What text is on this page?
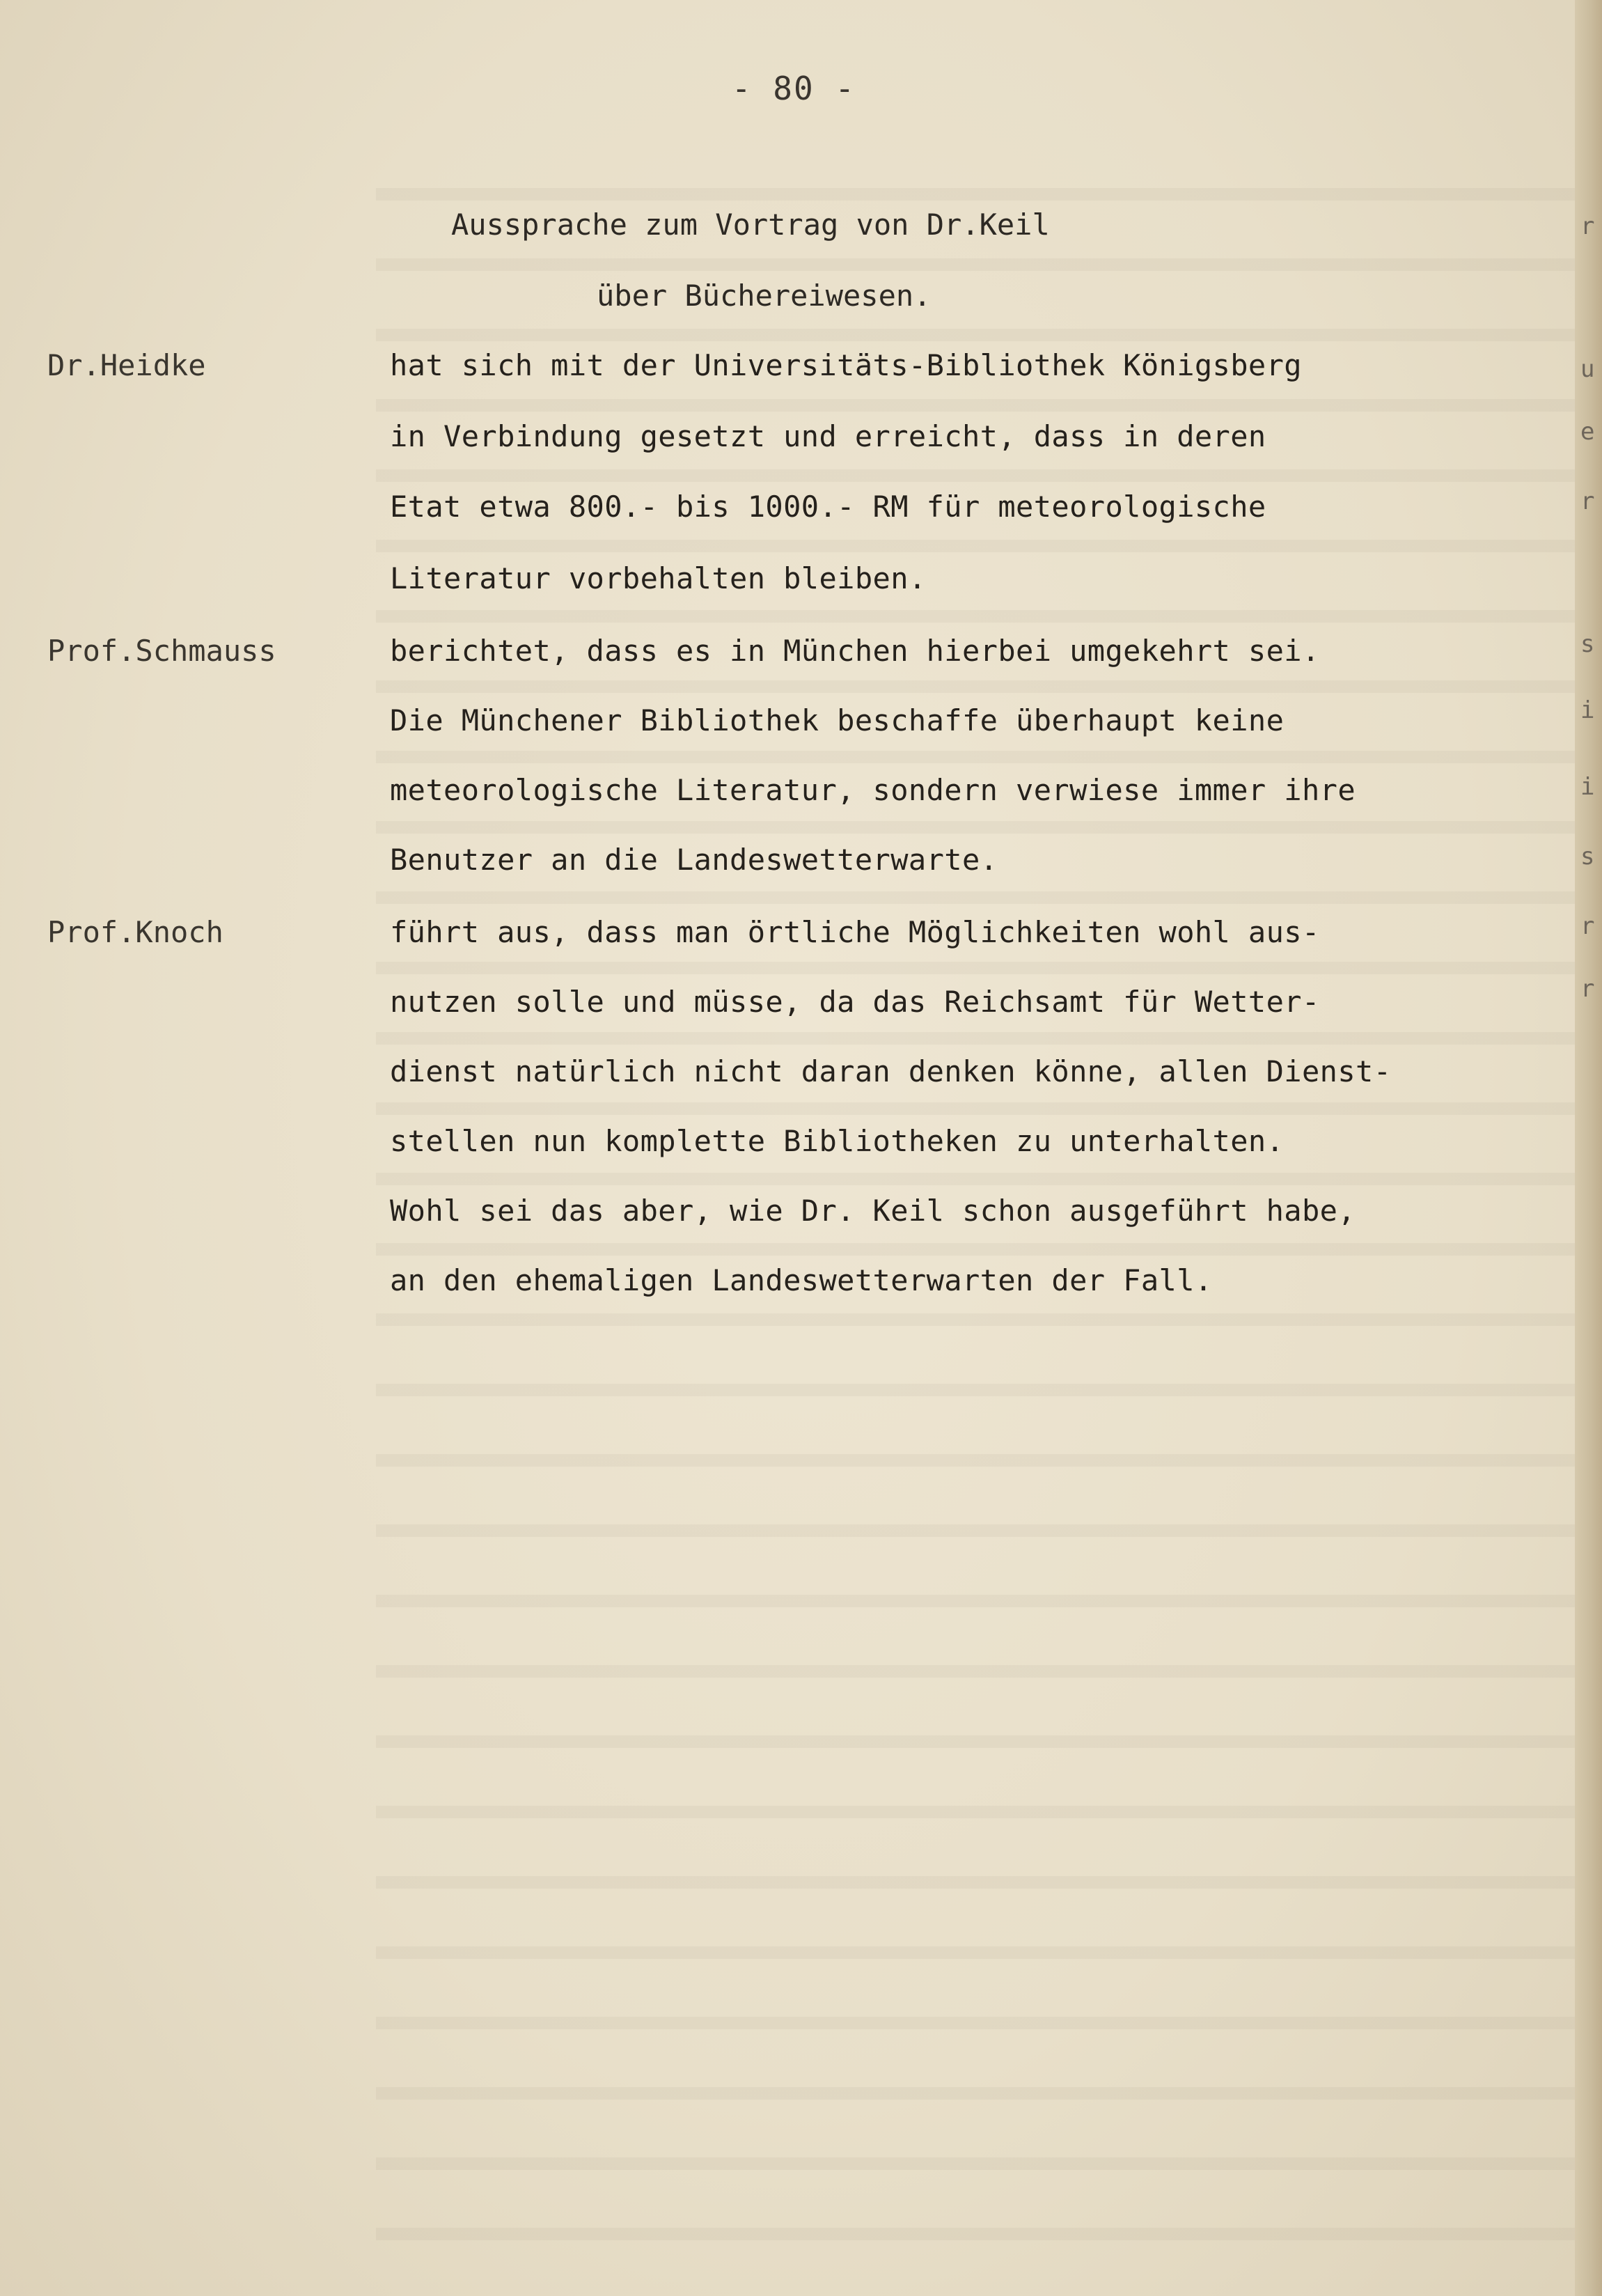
r
u
e
r
s
i
i
s
r
r
- 80 -
Aussprache zum Vortrag von Dr.Keil
über Büchereiwesen.
Dr.Heidke	hat sich mit der Universitäts-Bibliothek Königsberg
in Verbindung gesetzt und erreicht, dass in deren
Etat etwa 800.- bis 1000.- RM für meteorologische
Literatur vorbehalten bleiben.
Prof.Schmauss	berichtet, dass es in München hierbei umgekehrt sei.
Die Münchener Bibliothek beschaffe überhaupt keine
meteorologische Literatur, sondern verwiese immer ihre
Benutzer an die Landeswetterwarte.
Prof.Knoch	führt aus, dass man örtliche Möglichkeiten wohl aus-
nutzen solle und müsse, da das Reichsamt für Wetter-
dienst natürlich nicht daran denken könne, allen Dienst-
stellen nun komplette Bibliotheken zu unterhalten.
Wohl sei das aber, wie Dr. Keil schon ausgeführt habe,
an den ehemaligen Landeswetterwarten der Fall.
